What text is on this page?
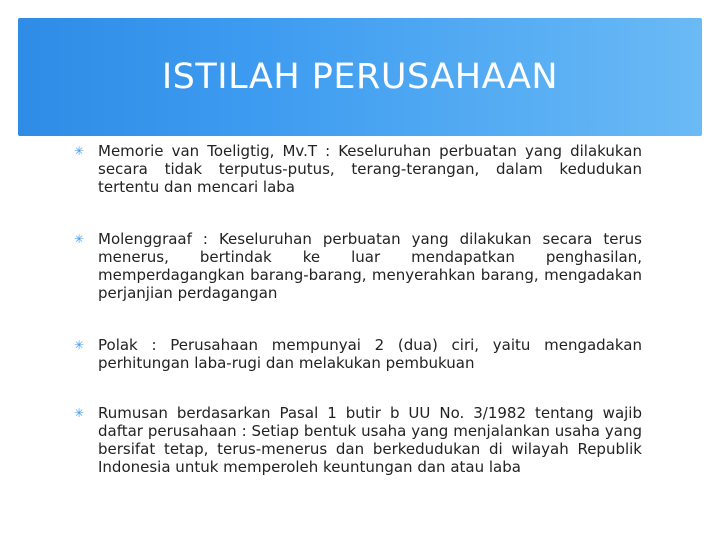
ISTILAH PERUSAHAAN
✳ Memorie van Toeligtig, Mv.T : Keseluruhan perbuatan yang dilakukan secara tidak terputus-putus, terang-terangan, dalam kedudukan tertentu dan mencari laba
✳ Molenggraaf : Keseluruhan perbuatan yang dilakukan secara terus menerus, bertindak ke luar mendapatkan penghasilan, memperdagangkan barang-barang, menyerahkan barang, mengadakan perjanjian perdagangan
✳ Polak : Perusahaan mempunyai 2 (dua) ciri, yaitu mengadakan perhitungan laba-rugi dan melakukan pembukuan
✳ Rumusan berdasarkan Pasal 1 butir b UU No. 3/1982 tentang wajib daftar perusahaan : Setiap bentuk usaha yang menjalankan usaha yang bersifat tetap, terus-menerus dan berkedudukan di wilayah Republik Indonesia untuk memperoleh keuntungan dan atau laba
